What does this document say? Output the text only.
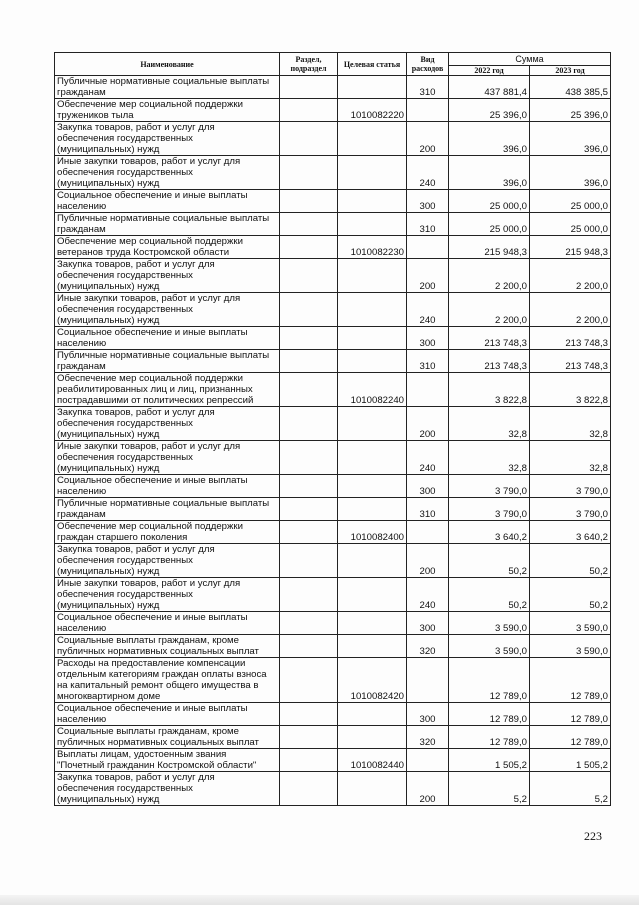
Наименование	Раздел, подраздел	Целевая статья	Вид расходов	Сумма	
				2022 год	2023 год

Публичные нормативные социальные выплаты
гражданам			310	437 881,4	438 385,5

Обеспечение мер социальной поддержки
тружеников тыла		1010082220		25 396,0	25 396,0

Закупка товаров, работ и услуг для
обеспечения государственных
(муниципальных) нужд			200	396,0	396,0

Иные закупки товаров, работ и услуг для
обеспечения государственных
(муниципальных) нужд			240	396,0	396,0

Социальное обеспечение и иные выплаты
населению			300	25 000,0	25 000,0

Публичные нормативные социальные выплаты
гражданам			310	25 000,0	25 000,0

Обеспечение мер социальной поддержки
ветеранов труда Костромской области		1010082230		215 948,3	215 948,3

Закупка товаров, работ и услуг для
обеспечения государственных
(муниципальных) нужд			200	2 200,0	2 200,0

Иные закупки товаров, работ и услуг для
обеспечения государственных
(муниципальных) нужд			240	2 200,0	2 200,0

Социальное обеспечение и иные выплаты
населению			300	213 748,3	213 748,3

Публичные нормативные социальные выплаты
гражданам			310	213 748,3	213 748,3

Обеспечение мер социальной поддержки
реабилитированных лиц и лиц, признанных
пострадавшими от политических репрессий		1010082240		3 822,8	3 822,8

Закупка товаров, работ и услуг для
обеспечения государственных
(муниципальных) нужд			200	32,8	32,8

Иные закупки товаров, работ и услуг для
обеспечения государственных
(муниципальных) нужд			240	32,8	32,8

Социальное обеспечение и иные выплаты
населению			300	3 790,0	3 790,0

Публичные нормативные социальные выплаты
гражданам			310	3 790,0	3 790,0

Обеспечение мер социальной поддержки
граждан старшего поколения		1010082400		3 640,2	3 640,2

Закупка товаров, работ и услуг для
обеспечения государственных
(муниципальных) нужд			200	50,2	50,2

Иные закупки товаров, работ и услуг для
обеспечения государственных
(муниципальных) нужд			240	50,2	50,2

Социальное обеспечение и иные выплаты
населению			300	3 590,0	3 590,0

Социальные выплаты гражданам, кроме
публичных нормативных социальных выплат			320	3 590,0	3 590,0

Расходы на предоставление компенсации
отдельным категориям граждан оплаты взноса
на капитальный ремонт общего имущества в
многоквартирном доме		1010082420		12 789,0	12 789,0

Социальное обеспечение и иные выплаты
населению			300	12 789,0	12 789,0

Социальные выплаты гражданам, кроме
публичных нормативных социальных выплат			320	12 789,0	12 789,0

Выплаты лицам, удостоенным звания
"Почетный гражданин Костромской области"		1010082440		1 505,2	1 505,2

Закупка товаров, работ и услуг для
обеспечения государственных
(муниципальных) нужд			200	5,2	5,2
223
